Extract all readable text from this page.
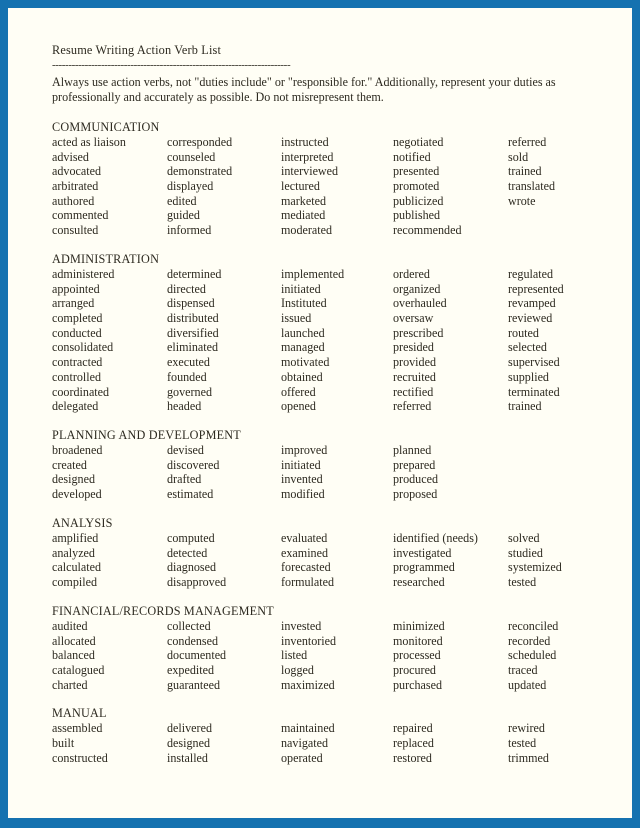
Resume Writing Action Verb List
-------------------------------------------------------------------------
Always use action verbs, not "duties include" or "responsible for." Additionally, represent your duties as professionally and accurately as possible. Do not misrepresent them.
COMMUNICATION
acted as liaison
advised
advocated
arbitrated
authored
commented
consulted
corresponded
counseled
demonstrated
displayed
edited
guided
informed
instructed
interpreted
interviewed
lectured
marketed
mediated
moderated
negotiated
notified
presented
promoted
publicized
published
recommended
referred
sold
trained
translated
wrote
ADMINISTRATION
administered
appointed
arranged
completed
conducted
consolidated
contracted
controlled
coordinated
delegated
determined
directed
dispensed
distributed
diversified
eliminated
executed
founded
governed
headed
implemented
initiated
Instituted
issued
launched
managed
motivated
obtained
offered
opened
ordered
organized
overhauled
oversaw
prescribed
presided
provided
recruited
rectified
referred
regulated
represented
revamped
reviewed
routed
selected
supervised
supplied
terminated
trained
PLANNING AND DEVELOPMENT
broadened
created
designed
developed
devised
discovered
drafted
estimated
improved
initiated
invented
modified
planned
prepared
produced
proposed
ANALYSIS
amplified
analyzed
calculated
compiled
computed
detected
diagnosed
disapproved
evaluated
examined
forecasted
formulated
identified (needs)
investigated
programmed
researched
solved
studied
systemized
tested
FINANCIAL/RECORDS MANAGEMENT
audited
allocated
balanced
catalogued
charted
collected
condensed
documented
expedited
guaranteed
invested
inventoried
listed
logged
maximized
minimized
monitored
processed
procured
purchased
reconciled
recorded
scheduled
traced
updated
MANUAL
assembled
built
constructed
delivered
designed
installed
maintained
navigated
operated
repaired
replaced
restored
rewired
tested
trimmed
